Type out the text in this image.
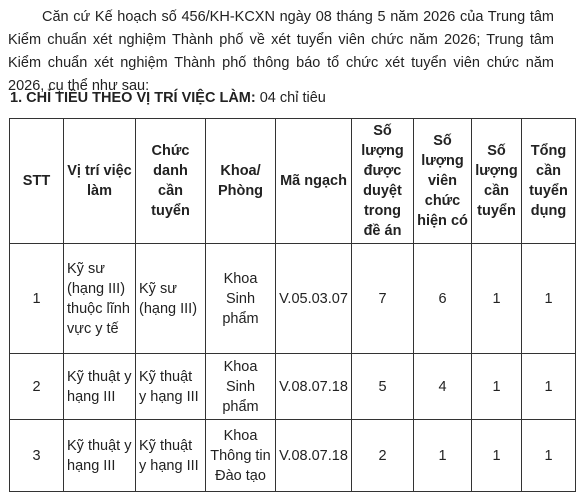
Căn cứ Kế hoạch số 456/KH-KCXN ngày 08 tháng 5 năm 2026 của Trung tâm Kiểm chuẩn xét nghiệm Thành phố về xét tuyển viên chức năm 2026; Trung tâm Kiểm chuẩn xét nghiệm Thành phố thông báo tổ chức xét tuyển viên chức năm 2026, cụ thể như sau:

1. CHỈ TIÊU THEO VỊ TRÍ VIỆC LÀM: 04 chỉ tiêu

STT	Vị trí việc làm	Chức danh cần tuyển	Khoa/ Phòng	Mã ngạch	Số lượng được duyệt trong đề án	Số lượng viên chức hiện có	Số lượng cần tuyển	Tổng cần tuyển dụng
1	Kỹ sư (hạng III) thuộc lĩnh vực y tế	Kỹ sư (hạng III)	Khoa Sinh phẩm	V.05.03.07	7	6	1	1
2	Kỹ thuật y hạng III	Kỹ thuật y hạng III	Khoa Sinh phẩm	V.08.07.18	5	4	1	1
3	Kỹ thuật y hạng III	Kỹ thuật y hạng III	Khoa Thông tin Đào tạo	V.08.07.18	2	1	1	1
